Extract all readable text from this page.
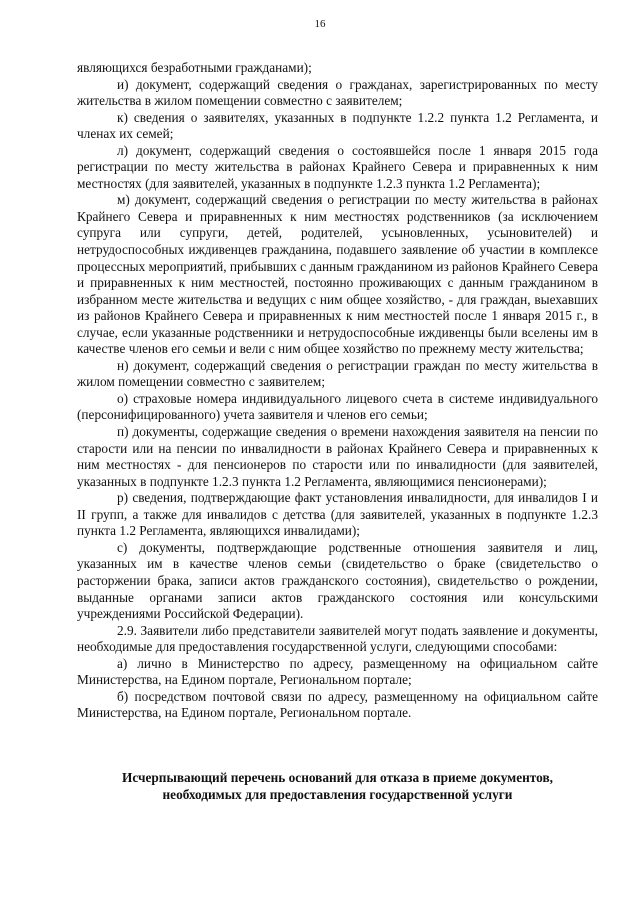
16

являющихся безработными гражданами);

и) документ, содержащий сведения о гражданах, зарегистрированных по месту жительства в жилом помещении совместно с заявителем;

к) сведения о заявителях, указанных в подпункте 1.2.2 пункта 1.2 Регламента, и членах их семей;

л) документ, содержащий сведения о состоявшейся после 1 января 2015 года регистрации по месту жительства в районах Крайнего Севера и приравненных к ним местностях (для заявителей, указанных в подпункте 1.2.3 пункта 1.2 Регламента);

м) документ, содержащий сведения о регистрации по месту жительства в районах Крайнего Севера и приравненных к ним местностях родственников (за исключением супруга или супруги, детей, родителей, усыновленных, усыновителей) и нетрудоспособных иждивенцев гражданина, подавшего заявление об участии в комплексе процессных мероприятий, прибывших с данным гражданином из районов Крайнего Севера и приравненных к ним местностей, постоянно проживающих с данным гражданином в избранном месте жительства и ведущих с ним общее хозяйство, - для граждан, выехавших из районов Крайнего Севера и приравненных к ним местностей после 1 января 2015 г., в случае, если указанные родственники и нетрудоспособные иждивенцы были вселены им в качестве членов его семьи и вели с ним общее хозяйство по прежнему месту жительства;

н) документ, содержащий сведения о регистрации граждан по месту жительства в жилом помещении совместно с заявителем;

о) страховые номера индивидуального лицевого счета в системе индивидуального (персонифицированного) учета заявителя и членов его семьи;

п) документы, содержащие сведения о времени нахождения заявителя на пенсии по старости или на пенсии по инвалидности в районах Крайнего Севера и приравненных к ним местностях - для пенсионеров по старости или по инвалидности (для заявителей, указанных в подпункте 1.2.3 пункта 1.2 Регламента, являющимися пенсионерами);

р) сведения, подтверждающие факт установления инвалидности, для инвалидов I и II групп, а также для инвалидов с детства (для заявителей, указанных в подпункте 1.2.3 пункта 1.2 Регламента, являющихся инвалидами);

с) документы, подтверждающие родственные отношения заявителя и лиц, указанных им в качестве членов семьи (свидетельство о браке (свидетельство о расторжении брака, записи актов гражданского состояния), свидетельство о рождении, выданные органами записи актов гражданского состояния или консульскими учреждениями Российской Федерации).

2.9. Заявители либо представители заявителей могут подать заявление и документы, необходимые для предоставления государственной услуги, следующими способами:

а) лично в Министерство по адресу, размещенному на официальном сайте Министерства, на Едином портале, Региональном портале;

б) посредством почтовой связи по адресу, размещенному на официальном сайте Министерства, на Едином портале, Региональном портале.

Исчерпывающий перечень оснований для отказа в приеме документов,
необходимых для предоставления государственной услуги
